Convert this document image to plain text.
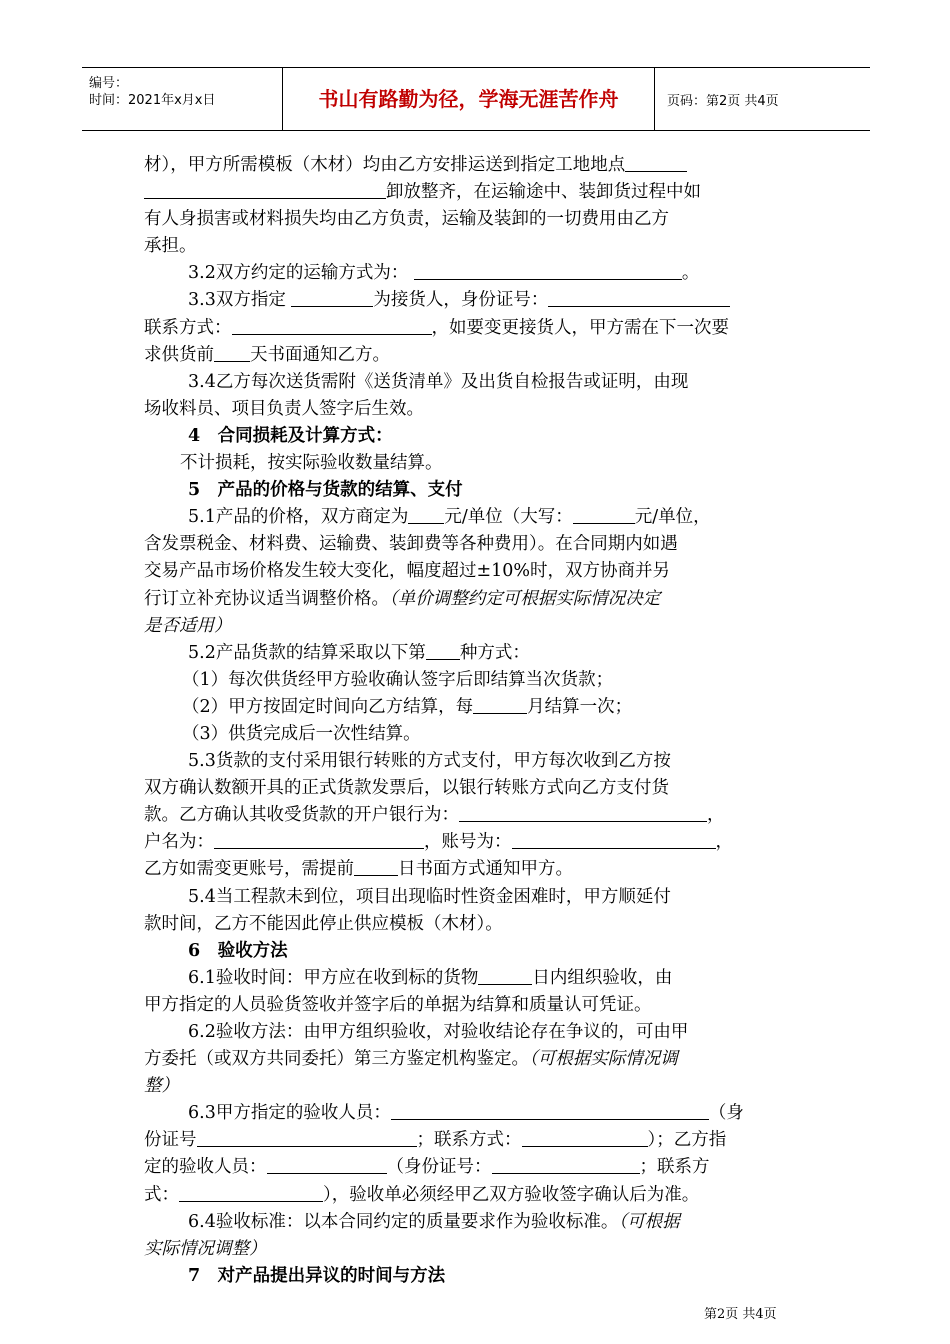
编号：
时间：2021年x月x日	书山有路勤为径，学海无涯苦作舟	页码：第2页 共4页
材），甲方所需模板（木材）均由乙方安排运送到指定工地地点
卸放整齐，在运输途中、装卸货过程中如
有人身损害或材料损失均由乙方负责，运输及装卸的一切费用由乙方
承担。
3.2双方约定的运输方式为：	。
3.3双方指定	为接货人，身份证号：
联系方式：	，如要变更接货人，甲方需在下一次要
求供货前 天书面通知乙方。
3.4乙方每次送货需附《送货清单》及出货自检报告或证明，由现
场收料员、项目负责人签字后生效。
4　合同损耗及计算方式：
不计损耗，按实际验收数量结算。
5　产品的价格与货款的结算、支付
5.1产品的价格，双方商定为 元/单位（大写：	元/单位，
含发票税金、材料费、运输费、装卸费等各种费用）。在合同期内如遇
交易产品市场价格发生较大变化，幅度超过±10%时，双方协商并另
行订立补充协议适当调整价格。（单价调整约定可根据实际情况决定
是否适用）
5.2产品货款的结算采取以下第 种方式：
（1）每次供货经甲方验收确认签字后即结算当次货款；
（2）甲方按固定时间向乙方结算，每	月结算一次；
（3）供货完成后一次性结算。
5.3货款的支付采用银行转账的方式支付，甲方每次收到乙方按
双方确认数额开具的正式货款发票后，以银行转账方式向乙方支付货
款。乙方确认其收受货款的开户银行为：	，
户名为：	，账号为：	，
乙方如需变更账号，需提前	日书面方式通知甲方。
5.4当工程款未到位，项目出现临时性资金困难时，甲方顺延付
款时间，乙方不能因此停止供应模板（木材）。
6　验收方法
6.1验收时间：甲方应在收到标的货物	日内组织验收，由
甲方指定的人员验货签收并签字后的单据为结算和质量认可凭证。
6.2验收方法：由甲方组织验收，对验收结论存在争议的，可由甲
方委托（或双方共同委托）第三方鉴定机构鉴定。（可根据实际情况调
整）
6.3甲方指定的验收人员：	（身
份证号	；联系方式：	）；乙方指
定的验收人员：	（身份证号：	；联系方
式：	），验收单必须经甲乙双方验收签字确认后为准。
6.4验收标准：以本合同约定的质量要求作为验收标准。（可根据
实际情况调整）
7　对产品提出异议的时间与方法
第2页 共4页
